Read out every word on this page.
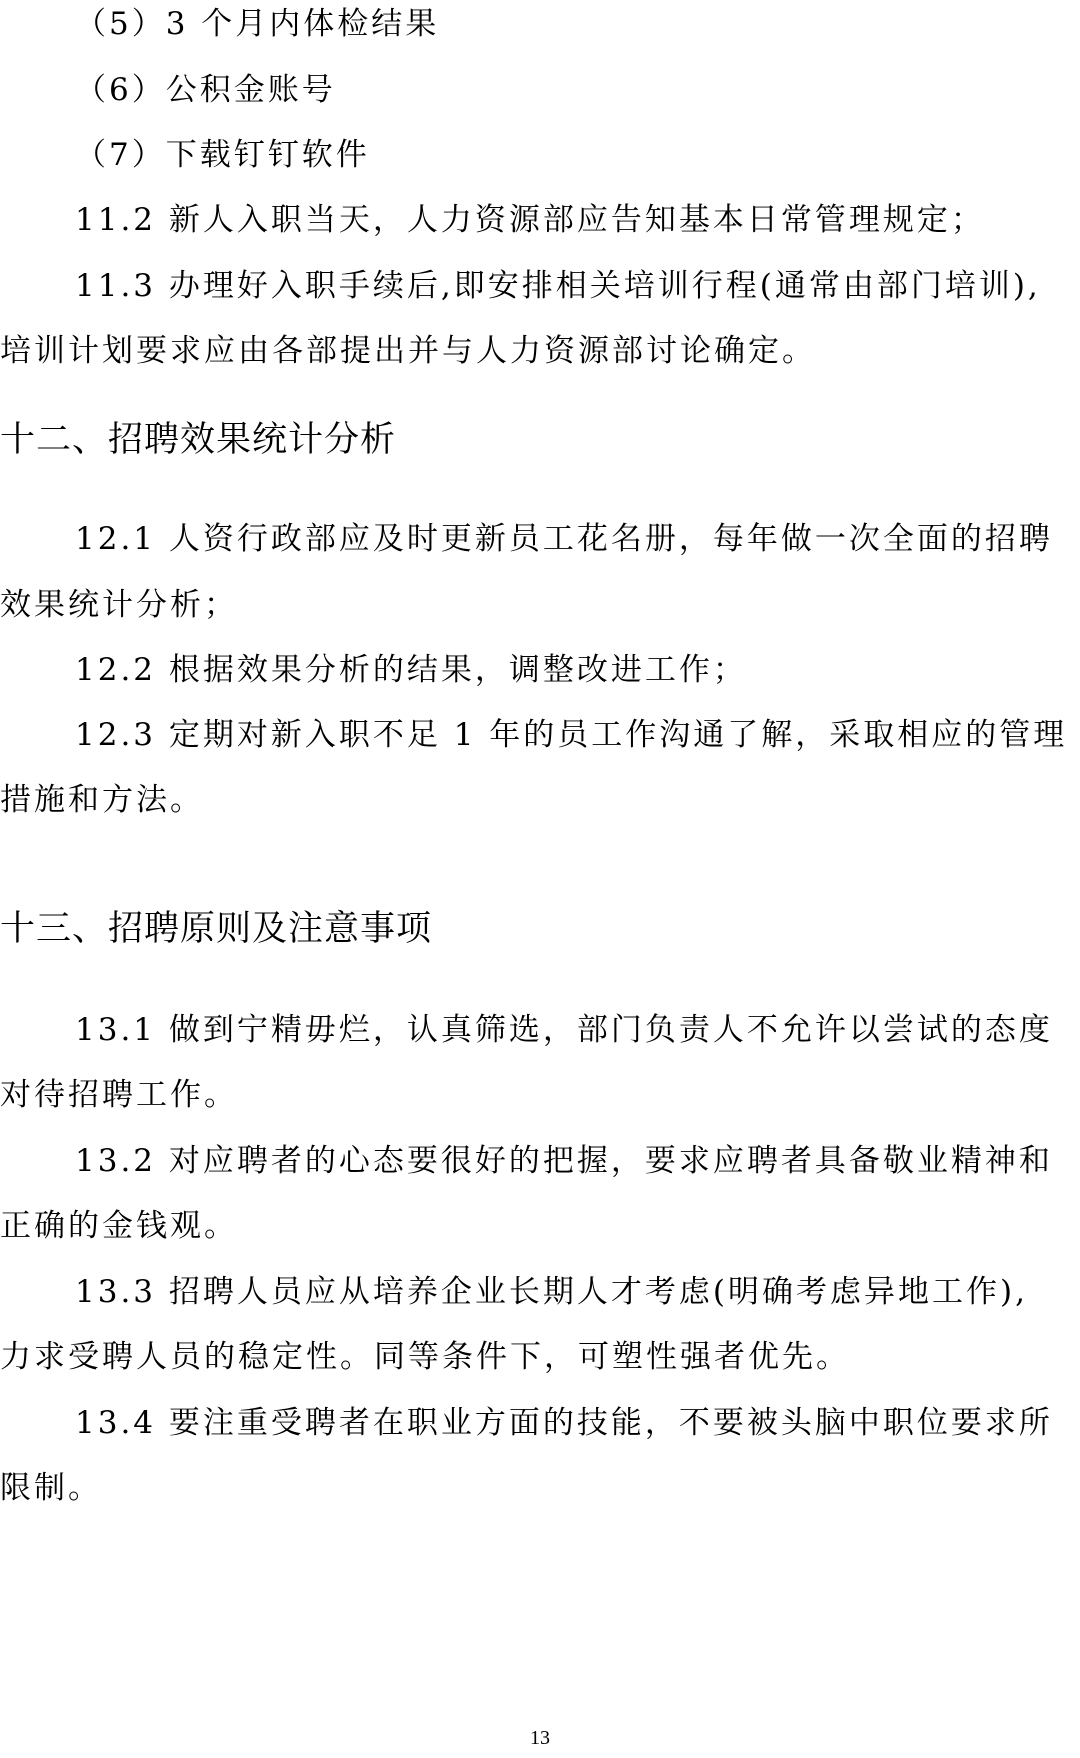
（5）3 个月内体检结果
（6）公积金账号
（7）下载钉钉软件
11.2 新人入职当天，人力资源部应告知基本日常管理规定；
11.3 办理好入职手续后,即安排相关培训行程(通常由部门培训),
培训计划要求应由各部提出并与人力资源部讨论确定。
十二、招聘效果统计分析
12.1 人资行政部应及时更新员工花名册，每年做一次全面的招聘
效果统计分析；
12.2 根据效果分析的结果，调整改进工作；
12.3 定期对新入职不足 1 年的员工作沟通了解，采取相应的管理
措施和方法。
十三、招聘原则及注意事项
13.1 做到宁精毋烂，认真筛选，部门负责人不允许以尝试的态度
对待招聘工作。
13.2 对应聘者的心态要很好的把握，要求应聘者具备敬业精神和
正确的金钱观。
13.3 招聘人员应从培养企业长期人才考虑(明确考虑异地工作),
力求受聘人员的稳定性。同等条件下，可塑性强者优先。
13.4 要注重受聘者在职业方面的技能，不要被头脑中职位要求所
限制。
13
